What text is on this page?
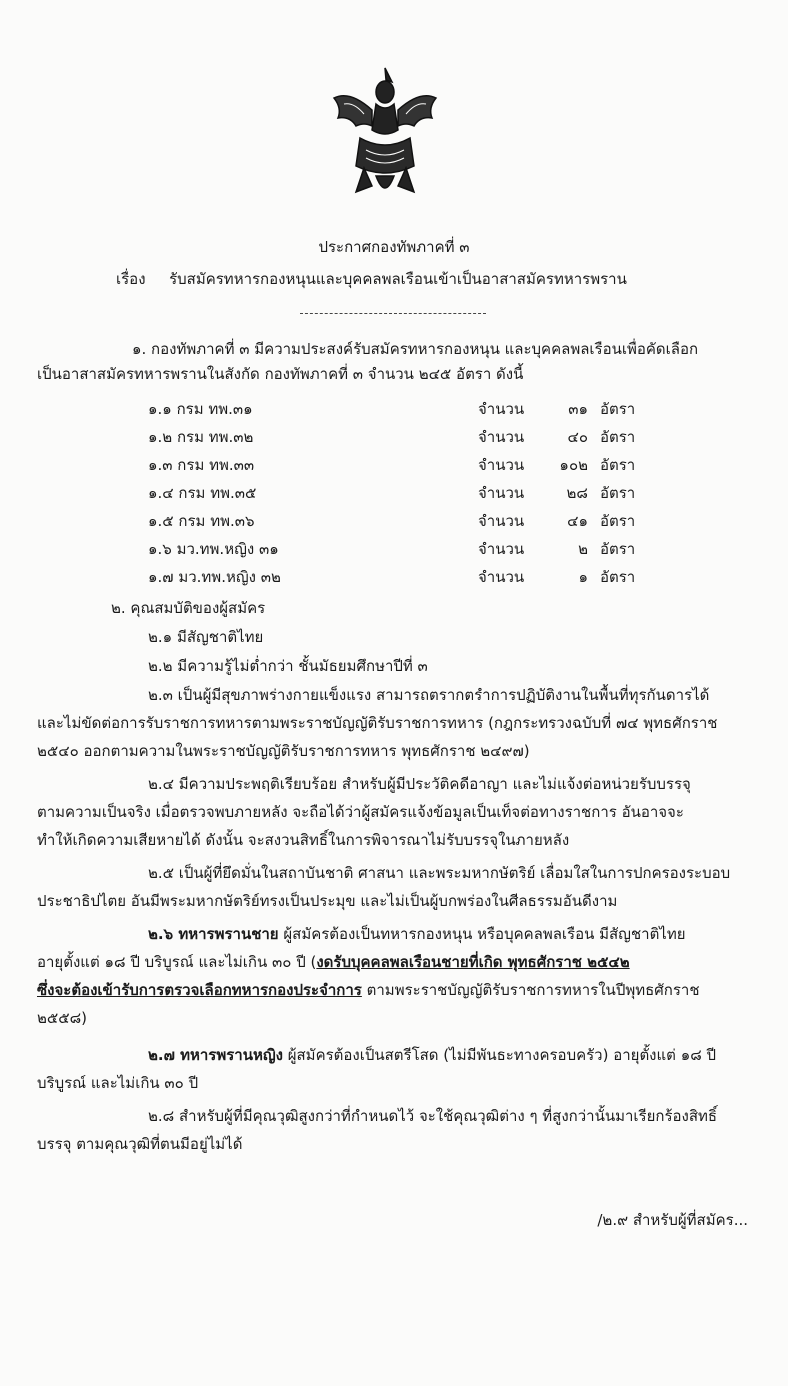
ประกาศกองทัพภาคที่ ๓
เรื่อง รับสมัครทหารกองหนุนและบุคคลพลเรือนเข้าเป็นอาสาสมัครทหารพราน
๑. กองทัพภาคที่ ๓ มีความประสงค์รับสมัครทหารกองหนุน และบุคคลพลเรือนเพื่อคัดเลือก
เป็นอาสาสมัครทหารพรานในสังกัด กองทัพภาคที่ ๓ จำนวน ๒๔๕ อัตรา ดังนี้
๑.๑ กรม ทพ.๓๑	จำนวน	๓๑ อัตรา
๑.๒ กรม ทพ.๓๒	จำนวน	๔๐ อัตรา
๑.๓ กรม ทพ.๓๓	จำนวน	๑๐๒ อัตรา
๑.๔ กรม ทพ.๓๕	จำนวน	๒๘ อัตรา
๑.๕ กรม ทพ.๓๖	จำนวน	๔๑ อัตรา
๑.๖ มว.ทพ.หญิง ๓๑	จำนวน	๒ อัตรา
๑.๗ มว.ทพ.หญิง ๓๒	จำนวน	๑ อัตรา
๒. คุณสมบัติของผู้สมัคร
๒.๑ มีสัญชาติไทย
๒.๒ มีความรู้ไม่ต่ำกว่า ชั้นมัธยมศึกษาปีที่ ๓
๒.๓ เป็นผู้มีสุขภาพร่างกายแข็งแรง สามารถตรากตรำการปฏิบัติงานในพื้นที่ทุรกันดารได้
และไม่ขัดต่อการรับราชการทหารตามพระราชบัญญัติรับราชการทหาร (กฎกระทรวงฉบับที่ ๗๔ พุทธศักราช
๒๕๔๐ ออกตามความในพระราชบัญญัติรับราชการทหาร พุทธศักราช ๒๔๙๗)
๒.๔ มีความประพฤติเรียบร้อย สำหรับผู้มีประวัติคดีอาญา และไม่แจ้งต่อหน่วยรับบรรจุ
ตามความเป็นจริง เมื่อตรวจพบภายหลัง จะถือได้ว่าผู้สมัครแจ้งข้อมูลเป็นเท็จต่อทางราชการ อันอาจจะ
ทำให้เกิดความเสียหายได้ ดังนั้น จะสงวนสิทธิ์ในการพิจารณาไม่รับบรรจุในภายหลัง
๒.๕ เป็นผู้ที่ยึดมั่นในสถาบันชาติ ศาสนา และพระมหากษัตริย์ เลื่อมใสในการปกครองระบอบ
ประชาธิปไตย อันมีพระมหากษัตริย์ทรงเป็นประมุข และไม่เป็นผู้บกพร่องในศีลธรรมอันดีงาม
๒.๖ ทหารพรานชาย ผู้สมัครต้องเป็นทหารกองหนุน หรือบุคคลพลเรือน มีสัญชาติไทย
อายุตั้งแต่ ๑๘ ปี บริบูรณ์ และไม่เกิน ๓๐ ปี (งดรับบุคคลพลเรือนชายที่เกิด พุทธศักราช ๒๕๔๒
ซึ่งจะต้องเข้ารับการตรวจเลือกทหารกองประจำการ ตามพระราชบัญญัติรับราชการทหารในปีพุทธศักราช
๒๕๕๘)
๒.๗ ทหารพรานหญิง ผู้สมัครต้องเป็นสตรีโสด (ไม่มีพันธะทางครอบครัว) อายุตั้งแต่ ๑๘ ปี
บริบูรณ์ และไม่เกิน ๓๐ ปี
๒.๘ สำหรับผู้ที่มีคุณวุฒิสูงกว่าที่กำหนดไว้ จะใช้คุณวุฒิต่าง ๆ ที่สูงกว่านั้นมาเรียกร้องสิทธิ์
บรรจุ ตามคุณวุฒิที่ตนมีอยู่ไม่ได้
/๒.๙ สำหรับผู้ที่สมัคร...
